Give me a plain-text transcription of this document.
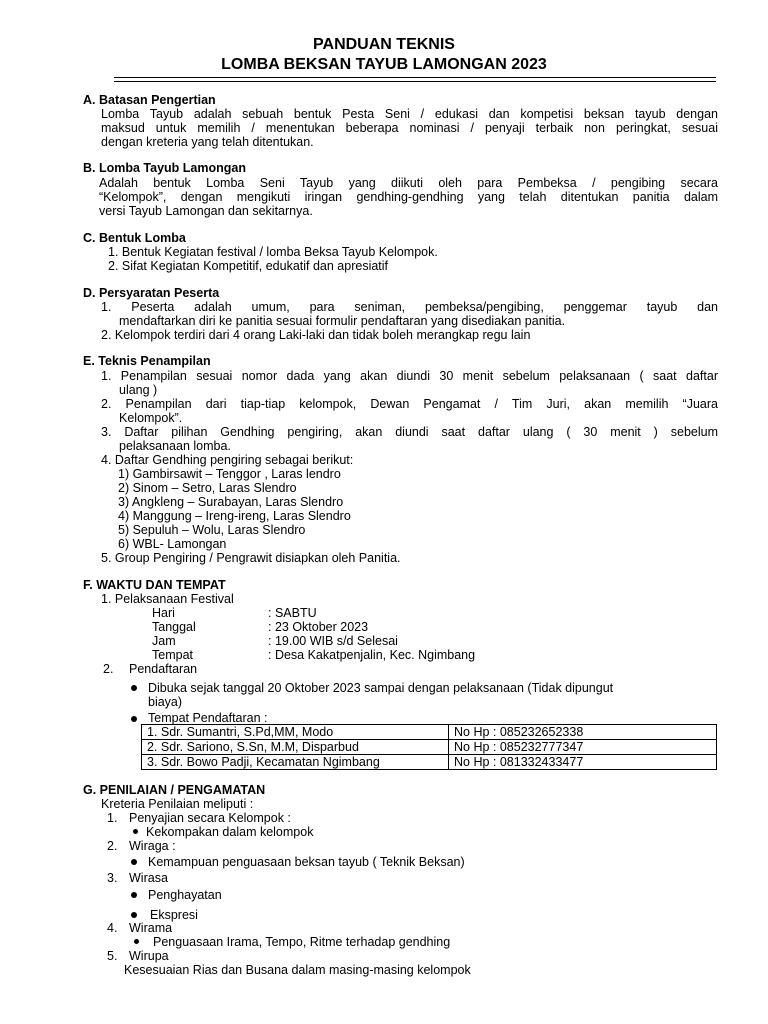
PANDUAN TEKNIS
LOMBA BEKSAN TAYUB LAMONGAN 2023
A. Batasan Pengertian
Lomba Tayub adalah sebuah bentuk Pesta Seni / edukasi dan kompetisi beksan tayub dengan
maksud untuk memilih / menentukan beberapa nominasi / penyaji terbaik non peringkat, sesuai
dengan kreteria yang telah ditentukan.
B. Lomba Tayub Lamongan
Adalah bentuk Lomba Seni Tayub yang diikuti oleh para Pembeksa / pengibing secara
“Kelompok”, dengan mengikuti iringan gendhing-gendhing yang telah ditentukan panitia dalam
versi Tayub Lamongan dan sekitarnya.
C. Bentuk Lomba
1. Bentuk Kegiatan festival / lomba Beksa Tayub Kelompok.
2. Sifat Kegiatan Kompetitif, edukatif dan apresiatif
D. Persyaratan Peserta
1. Peserta adalah umum, para seniman, pembeksa/pengibing, penggemar tayub dan
mendaftarkan diri ke panitia sesuai formulir pendaftaran yang disediakan panitia.
2. Kelompok terdiri dari 4 orang Laki-laki dan tidak boleh merangkap regu lain
E. Teknis Penampilan
1. Penampilan sesuai nomor dada yang akan diundi 30 menit sebelum pelaksanaan ( saat daftar
ulang )
2. Penampilan dari tiap-tiap kelompok, Dewan Pengamat / Tim Juri, akan memilih “Juara
Kelompok”.
3. Daftar pilihan Gendhing pengiring, akan diundi saat daftar ulang ( 30 menit ) sebelum
pelaksanaan lomba.
4. Daftar Gendhing pengiring sebagai berikut:
1) Gambirsawit – Tenggor , Laras lendro
2) Sinom – Setro, Laras Slendro
3) Angkleng – Surabayan, Laras Slendro
4) Manggung – Ireng-ireng, Laras Slendro
5) Sepuluh – Wolu, Laras Slendro
6) WBL- Lamongan
5. Group Pengiring / Pengrawit disiapkan oleh Panitia.
F. WAKTU DAN TEMPAT
1. Pelaksanaan Festival
Hari	: SABTU
Tanggal	: 23 Oktober 2023
Jam	: 19.00 WIB s/d Selesai
Tempat	: Desa Kakatpenjalin, Kec. Ngimbang
2. Pendaftaran
Dibuka sejak tanggal 20 Oktober 2023 sampai dengan pelaksanaan (Tidak dipungut
biaya)
Tempat Pendaftaran :
1. Sdr. Sumantri, S.Pd,MM, Modo	No Hp : 085232652338
2. Sdr. Sariono, S.Sn, M.M, Disparbud	No Hp : 085232777347
3. Sdr. Bowo Padji, Kecamatan Ngimbang	No Hp : 081332433477
G. PENILAIAN / PENGAMATAN
Kreteria Penilaian meliputi :
1. Penyajian secara Kelompok :
Kekompakan dalam kelompok
2. Wiraga :
Kemampuan penguasaan beksan tayub ( Teknik Beksan)
3. Wirasa
Penghayatan
Ekspresi
4. Wirama
Penguasaan Irama, Tempo, Ritme terhadap gendhing
5. Wirupa
Kesesuaian Rias dan Busana dalam masing-masing kelompok
